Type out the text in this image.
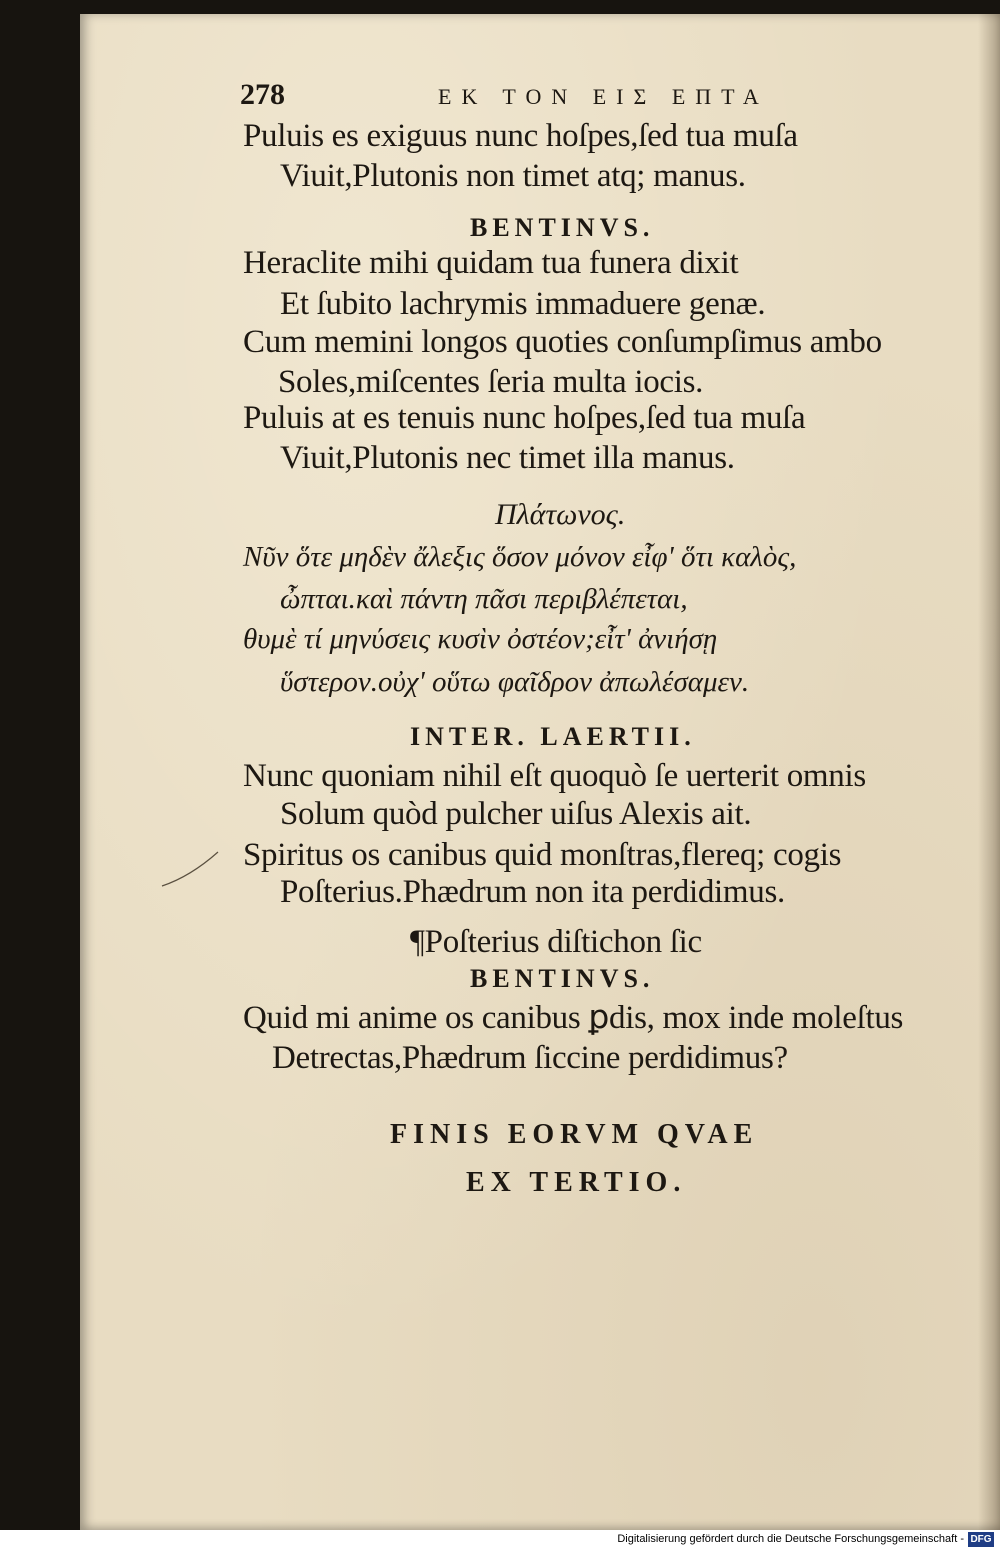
278	EK TON EIΣ EПTA
Puluis es exiguus nunc hoſpes,ſed tua muſa
Viuit,Plutonis non timet atq; manus.
BENTINVS.
Heraclite mihi quidam tua funera dixit
Et ſubito lachrymis immaduere genæ.
Cum memini longos quoties conſumpſimus ambo
Soles,miſcentes ſeria multa iocis.
Puluis at es tenuis nunc hoſpes,ſed tua muſa
Viuit,Plutonis nec timet illa manus.
Πλάτωνος.
Νῦν ὅτε μηδὲν ἄλεξις ὅσον μόνον εἶφ' ὅτι καλὸς,
ὦπται.καὶ πάντη πᾶσι περιβλέπεται,
θυμὲ τί μηνύσεις κυσὶν ὀστέον;εἶτ' ἀνιήσῃ
ὕστερον.οὐχ' οὕτω φαῖδρον ἀπωλέσαμεν.
INTER. LAERTII.
Nunc quoniam nihil eſt quoquò ſe uerterit omnis
Solum quòd pulcher uiſus Alexis ait.
Spiritus os canibus quid monſtras,flereq; cogis
Poſterius.Phædrum non ita perdidimus.
¶Poſterius diſtichon ſic
BENTINVS.
Quid mi anime os canibus ꝑdis, mox inde moleſtus
Detrectas,Phædrum ſiccine perdidimus?
FINIS EORVM QVAE
EX TERTIO.
Digitalisierung gefördert durch die Deutsche Forschungsgemeinschaft - DFG
